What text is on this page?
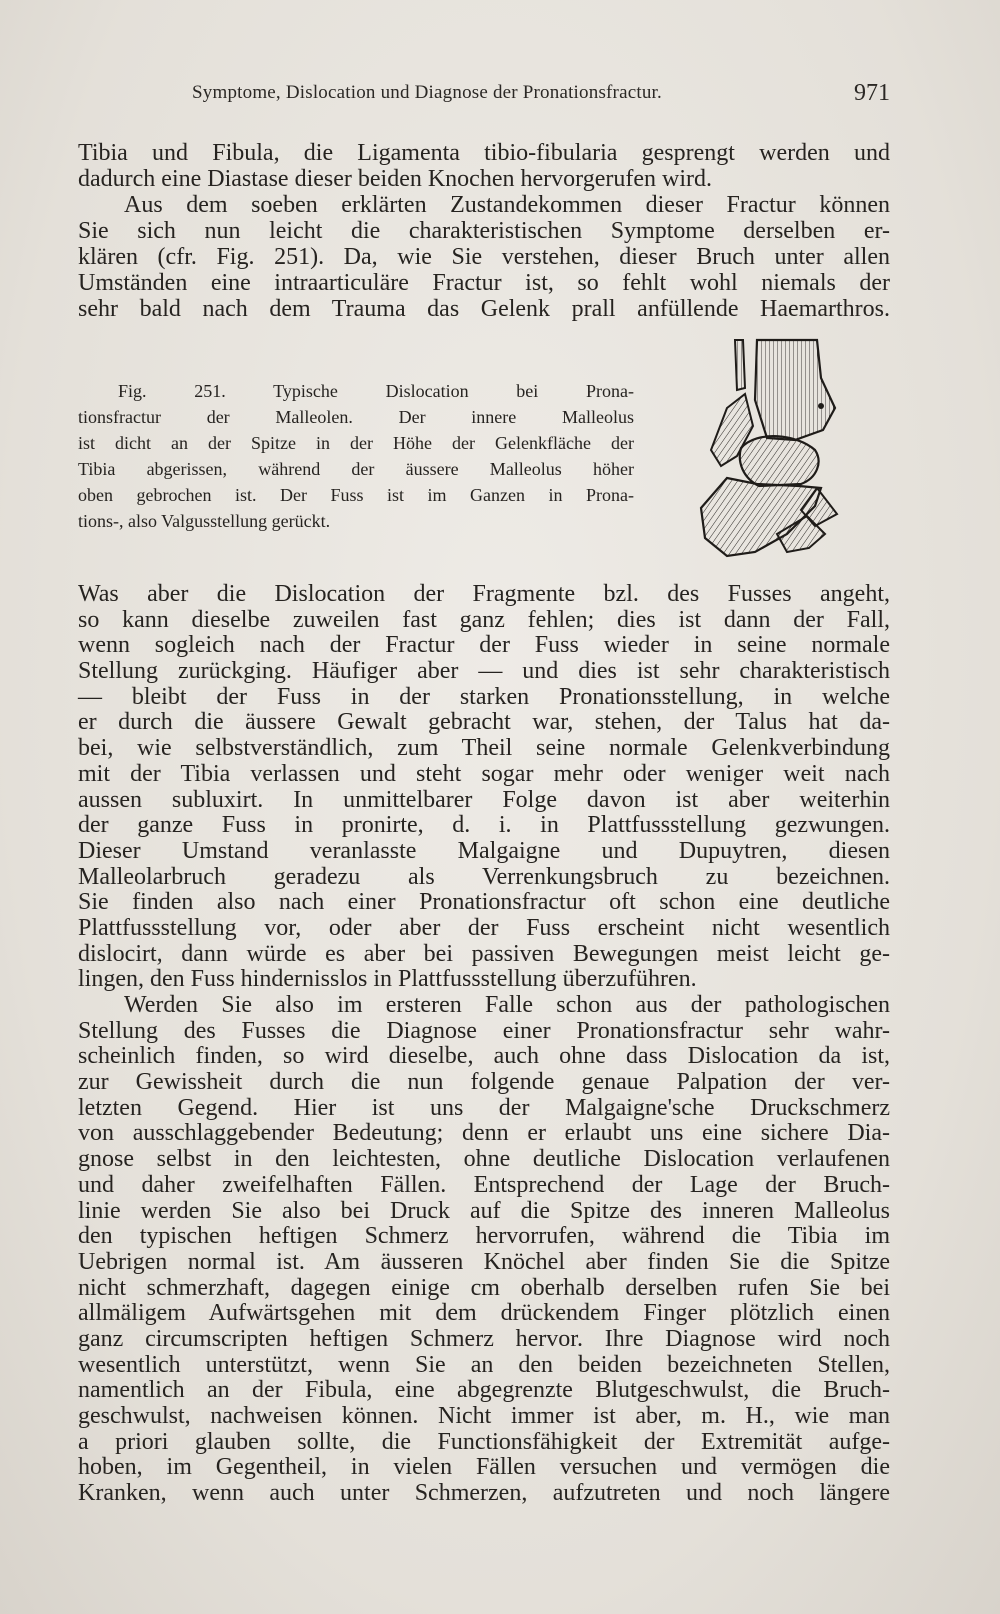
Symptome, Dislocation und Diagnose der Pronationsfractur.	971
Tibia und Fibula, die Ligamenta tibio-fibularia gesprengt werden und
dadurch eine Diastase dieser beiden Knochen hervorgerufen wird.
Aus dem soeben erklärten Zustandekommen dieser Fractur können
Sie sich nun leicht die charakteristischen Symptome derselben er-
klären (cfr. Fig. 251). Da, wie Sie verstehen, dieser Bruch unter allen
Umständen eine intraarticuläre Fractur ist, so fehlt wohl niemals der
sehr bald nach dem Trauma das Gelenk prall anfüllende Haemarthros.
Fig. 251. Typische Dislocation bei Prona-
tionsfractur der Malleolen. Der innere Malleolus
ist dicht an der Spitze in der Höhe der Gelenkfläche der
Tibia abgerissen, während der äussere Malleolus höher
oben gebrochen ist. Der Fuss ist im Ganzen in Prona-
tions-, also Valgusstellung gerückt.
Was aber die Dislocation der Fragmente bzl. des Fusses angeht,
so kann dieselbe zuweilen fast ganz fehlen; dies ist dann der Fall,
wenn sogleich nach der Fractur der Fuss wieder in seine normale
Stellung zurückging. Häufiger aber — und dies ist sehr charakteristisch
— bleibt der Fuss in der starken Pronationsstellung, in welche
er durch die äussere Gewalt gebracht war, stehen, der Talus hat da-
bei, wie selbstverständlich, zum Theil seine normale Gelenkverbindung
mit der Tibia verlassen und steht sogar mehr oder weniger weit nach
aussen subluxirt. In unmittelbarer Folge davon ist aber weiterhin
der ganze Fuss in pronirte, d. i. in Plattfussstellung gezwungen.
Dieser Umstand veranlasste Malgaigne und Dupuytren, diesen
Malleolarbruch geradezu als Verrenkungsbruch zu bezeichnen.
Sie finden also nach einer Pronationsfractur oft schon eine deutliche
Plattfussstellung vor, oder aber der Fuss erscheint nicht wesentlich
dislocirt, dann würde es aber bei passiven Bewegungen meist leicht ge-
lingen, den Fuss hindernisslos in Plattfussstellung überzuführen.
Werden Sie also im ersteren Falle schon aus der pathologischen
Stellung des Fusses die Diagnose einer Pronationsfractur sehr wahr-
scheinlich finden, so wird dieselbe, auch ohne dass Dislocation da ist,
zur Gewissheit durch die nun folgende genaue Palpation der ver-
letzten Gegend. Hier ist uns der Malgaigne'sche Druckschmerz
von ausschlaggebender Bedeutung; denn er erlaubt uns eine sichere Dia-
gnose selbst in den leichtesten, ohne deutliche Dislocation verlaufenen
und daher zweifelhaften Fällen. Entsprechend der Lage der Bruch-
linie werden Sie also bei Druck auf die Spitze des inneren Malleolus
den typischen heftigen Schmerz hervorrufen, während die Tibia im
Uebrigen normal ist. Am äusseren Knöchel aber finden Sie die Spitze
nicht schmerzhaft, dagegen einige cm oberhalb derselben rufen Sie bei
allmäligem Aufwärtsgehen mit dem drückendem Finger plötzlich einen
ganz circumscripten heftigen Schmerz hervor. Ihre Diagnose wird noch
wesentlich unterstützt, wenn Sie an den beiden bezeichneten Stellen,
namentlich an der Fibula, eine abgegrenzte Blutgeschwulst, die Bruch-
geschwulst, nachweisen können. Nicht immer ist aber, m. H., wie man
a priori glauben sollte, die Functionsfähigkeit der Extremität aufge-
hoben, im Gegentheil, in vielen Fällen versuchen und vermögen die
Kranken, wenn auch unter Schmerzen, aufzutreten und noch längere
